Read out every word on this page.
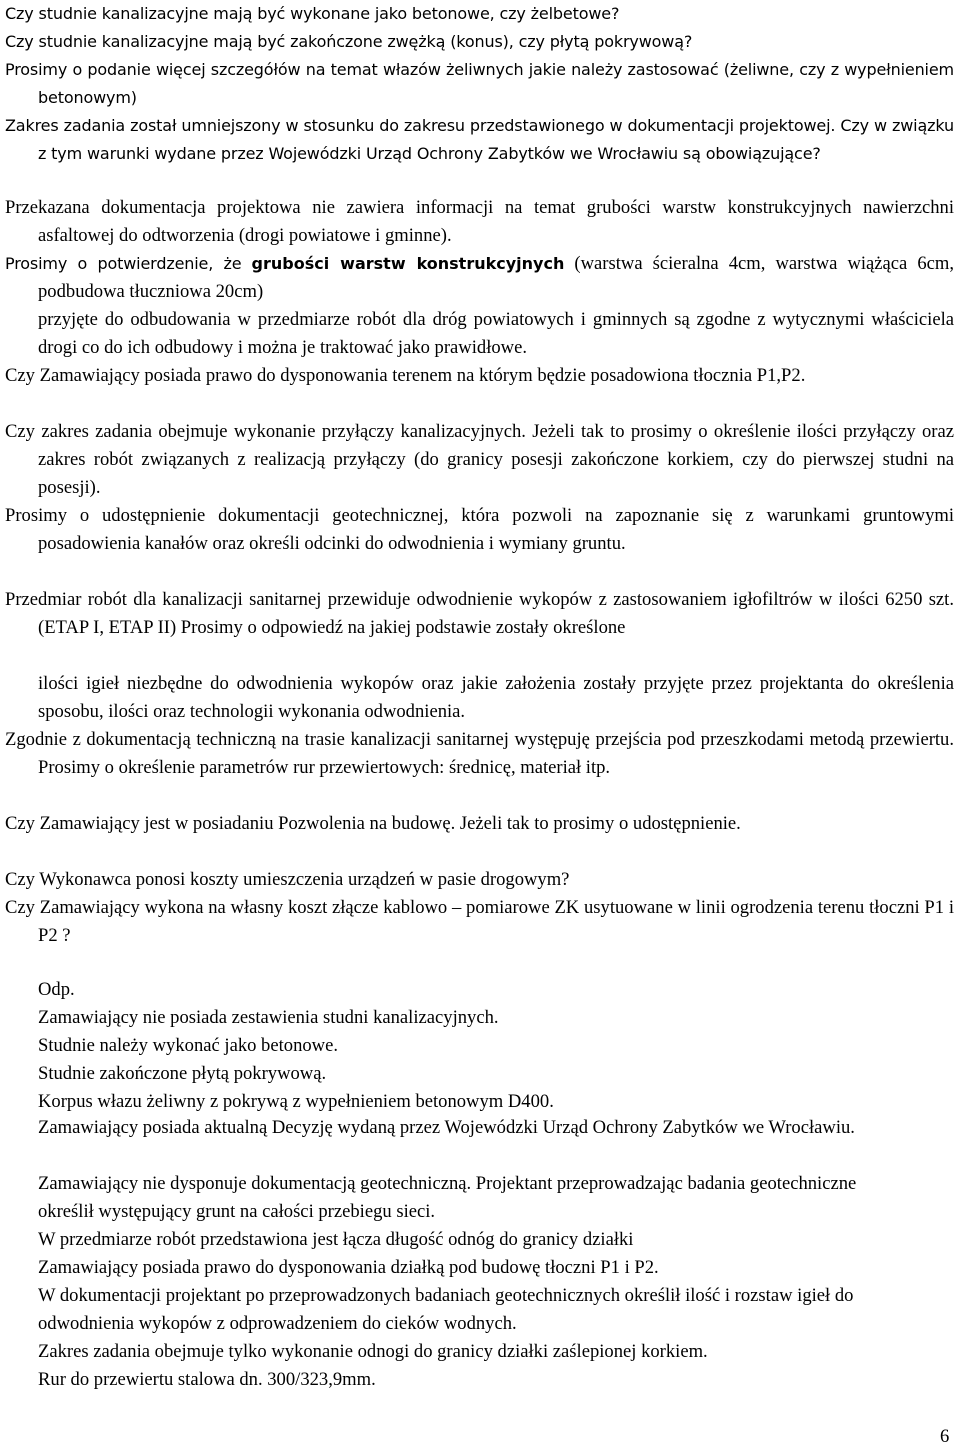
Czy studnie kanalizacyjne mają być wykonane jako betonowe, czy żelbetowe?

Czy studnie kanalizacyjne mają być zakończone zwężką (konus), czy płytą pokrywową?

Prosimy o podanie więcej szczegółów na temat włazów żeliwnych jakie należy zastosować (żeliwne, czy z wypełnieniem betonowym)

Zakres zadania został umniejszony w stosunku do zakresu przedstawionego w dokumentacji projektowej. Czy w związku z tym warunki wydane przez Wojewódzki Urząd Ochrony Zabytków we Wrocławiu są obowiązujące?

Przekazana dokumentacja projektowa nie zawiera informacji na temat grubości warstw konstrukcyjnych nawierzchni asfaltowej do odtworzenia (drogi powiatowe i gminne).

Prosimy o potwierdzenie, że grubości warstw konstrukcyjnych (warstwa ścieralna 4cm, warstwa wiążąca 6cm, podbudowa tłuczniowa 20cm)

przyjęte do odbudowania w przedmiarze robót dla dróg powiatowych i gminnych są zgodne z wytycznymi właściciela drogi co do ich odbudowy i można je traktować jako prawidłowe.

Czy Zamawiający posiada prawo do dysponowania terenem na którym będzie posadowiona tłocznia P1,P2.

Czy zakres zadania obejmuje wykonanie przyłączy kanalizacyjnych. Jeżeli tak to prosimy o określenie ilości przyłączy oraz zakres robót związanych z realizacją przyłączy (do granicy posesji zakończone korkiem, czy do pierwszej studni na posesji).

Prosimy o udostępnienie dokumentacji geotechnicznej, która pozwoli na zapoznanie się z warunkami gruntowymi posadowienia kanałów oraz określi odcinki do odwodnienia i wymiany gruntu.

Przedmiar robót dla kanalizacji sanitarnej przewiduje odwodnienie wykopów z zastosowaniem igłofiltrów w ilości 6250 szt.(ETAP I, ETAP II) Prosimy o odpowiedź na jakiej podstawie zostały określone

ilości igieł niezbędne do odwodnienia wykopów oraz jakie założenia zostały przyjęte przez projektanta do określenia sposobu, ilości oraz technologii wykonania odwodnienia.

Zgodnie z dokumentacją techniczną na trasie kanalizacji sanitarnej występuję przejścia pod przeszkodami metodą przewiertu. Prosimy o określenie parametrów rur przewiertowych: średnicę, materiał itp.

Czy Zamawiający jest w posiadaniu Pozwolenia na budowę. Jeżeli tak to prosimy o udostępnienie.

Czy Wykonawca ponosi koszty umieszczenia urządzeń w pasie drogowym?

Czy Zamawiający wykona na własny koszt złącze kablowo – pomiarowe ZK usytuowane w linii ogrodzenia terenu tłoczni P1 i P2 ?

Odp.

Zamawiający nie posiada zestawienia studni kanalizacyjnych.

Studnie należy wykonać jako betonowe.

Studnie zakończone płytą pokrywową.

Korpus włazu żeliwny z pokrywą z wypełnieniem betonowym D400.

Zamawiający posiada aktualną Decyzję wydaną przez Wojewódzki Urząd Ochrony Zabytków we Wrocławiu.

Zamawiający nie dysponuje dokumentacją geotechniczną. Projektant przeprowadzając badania geotechniczne określił występujący grunt na całości przebiegu sieci.

W przedmiarze robót przedstawiona jest łącza długość odnóg do granicy działki

Zamawiający posiada prawo do dysponowania działką pod budowę tłoczni P1 i P2.

W dokumentacji projektant po przeprowadzonych badaniach geotechnicznych określił ilość i rozstaw igieł do odwodnienia wykopów z odprowadzeniem do cieków wodnych.

Zakres zadania obejmuje tylko wykonanie odnogi do granicy działki zaślepionej korkiem.

Rur do przewiertu stalowa dn. 300/323,9mm.

6
